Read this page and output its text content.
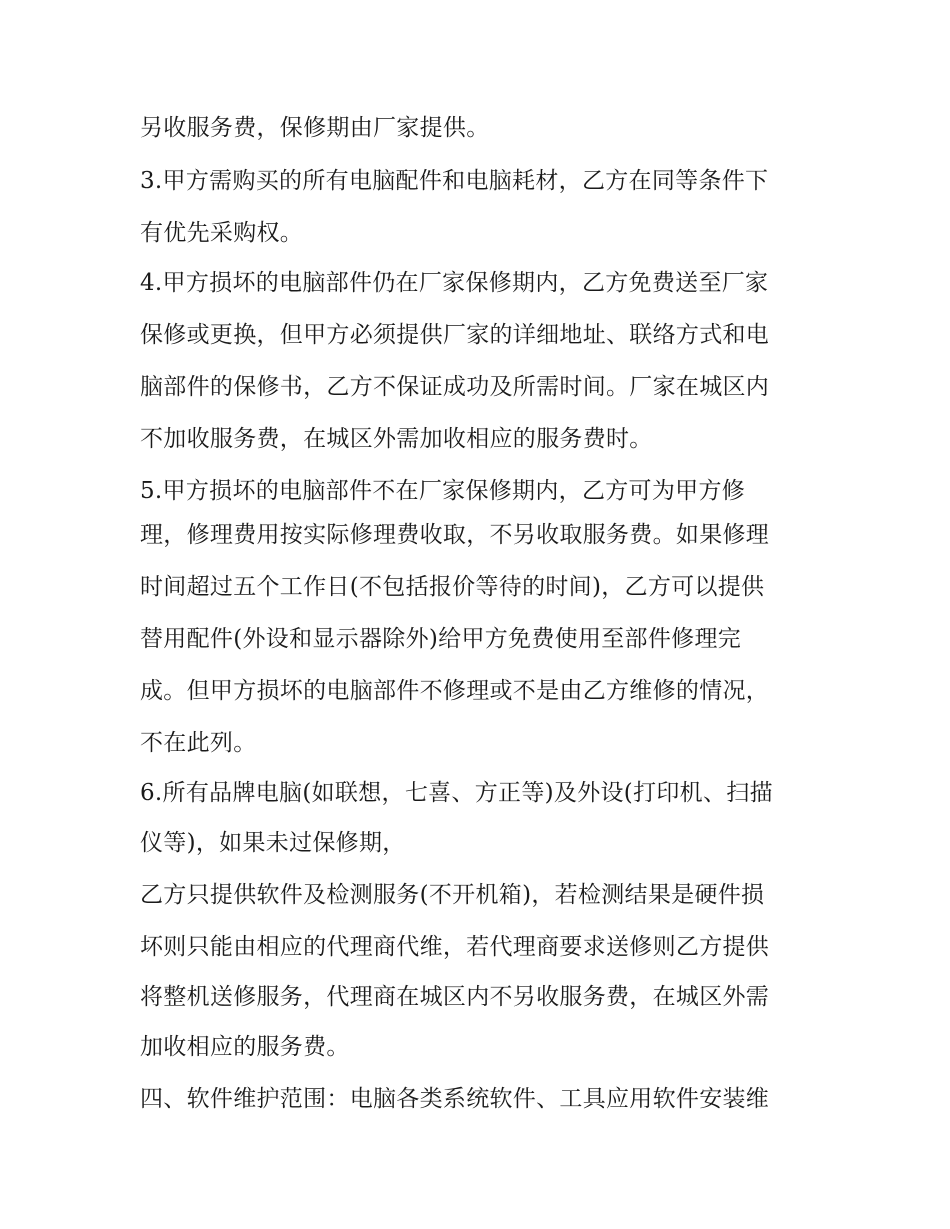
另收服务费，保修期由厂家提供。

3.甲方需购买的所有电脑配件和电脑耗材，乙方在同等条件下

有优先采购权。

4.甲方损坏的电脑部件仍在厂家保修期内，乙方免费送至厂家

保修或更换，但甲方必须提供厂家的详细地址、联络方式和电

脑部件的保修书，乙方不保证成功及所需时间。厂家在城区内

不加收服务费，在城区外需加收相应的服务费时。

5.甲方损坏的电脑部件不在厂家保修期内，乙方可为甲方修

理，修理费用按实际修理费收取，不另收取服务费。如果修理

时间超过五个工作日(不包括报价等待的时间)，乙方可以提供

替用配件(外设和显示器除外)给甲方免费使用至部件修理完

成。但甲方损坏的电脑部件不修理或不是由乙方维修的情况，

不在此列。

6.所有品牌电脑(如联想，七喜、方正等)及外设(打印机、扫描

仪等)，如果未过保修期，

乙方只提供软件及检测服务(不开机箱)，若检测结果是硬件损

坏则只能由相应的代理商代维，若代理商要求送修则乙方提供

将整机送修服务，代理商在城区内不另收服务费，在城区外需

加收相应的服务费。

四、软件维护范围：电脑各类系统软件、工具应用软件安装维
